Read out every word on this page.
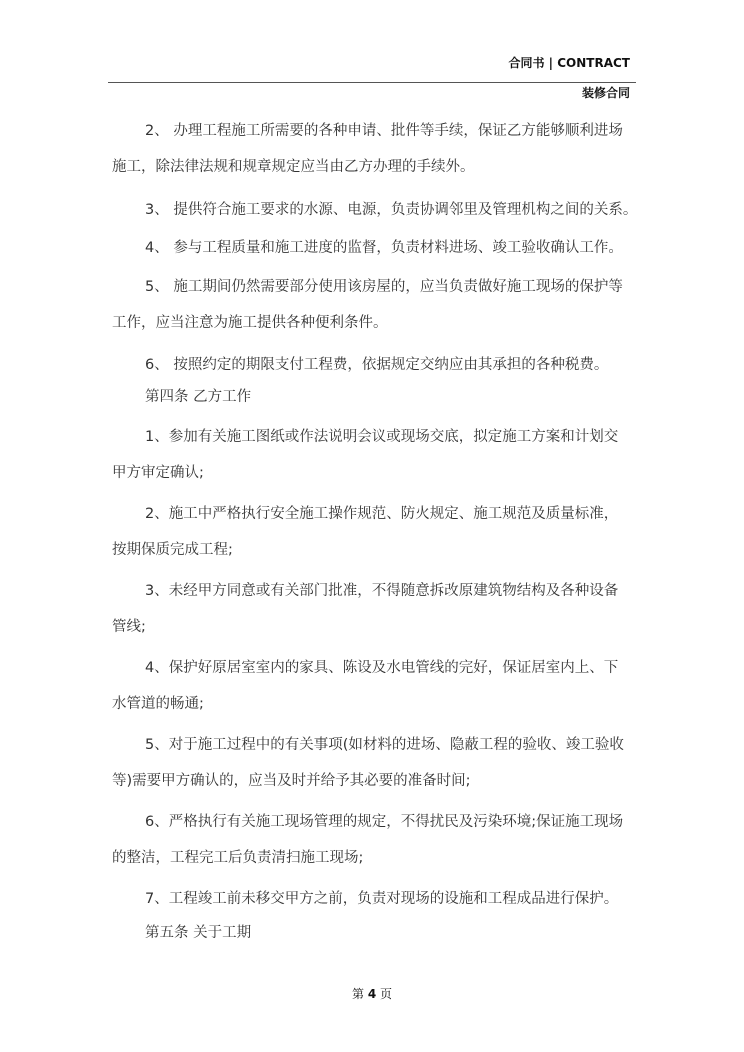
合同书 | CONTRACT
装修合同
2、 办理工程施工所需要的各种申请、批件等手续，保证乙方能够顺利进场
施工，除法律法规和规章规定应当由乙方办理的手续外。
3、 提供符合施工要求的水源、电源，负责协调邻里及管理机构之间的关系。
4、 参与工程质量和施工进度的监督，负责材料进场、竣工验收确认工作。
5、 施工期间仍然需要部分使用该房屋的，应当负责做好施工现场的保护等
工作，应当注意为施工提供各种便利条件。
6、 按照约定的期限支付工程费，依据规定交纳应由其承担的各种税费。
第四条 乙方工作
1、参加有关施工图纸或作法说明会议或现场交底，拟定施工方案和计划交
甲方审定确认;
2、施工中严格执行安全施工操作规范、防火规定、施工规范及质量标准，
按期保质完成工程;
3、未经甲方同意或有关部门批准，不得随意拆改原建筑物结构及各种设备
管线;
4、保护好原居室室内的家具、陈设及水电管线的完好，保证居室内上、下
水管道的畅通;
5、对于施工过程中的有关事项(如材料的进场、隐蔽工程的验收、竣工验收
等)需要甲方确认的，应当及时并给予其必要的准备时间;
6、严格执行有关施工现场管理的规定，不得扰民及污染环境;保证施工现场
的整洁，工程完工后负责清扫施工现场;
7、工程竣工前未移交甲方之前，负责对现场的设施和工程成品进行保护。
第五条 关于工期
第 4 页
